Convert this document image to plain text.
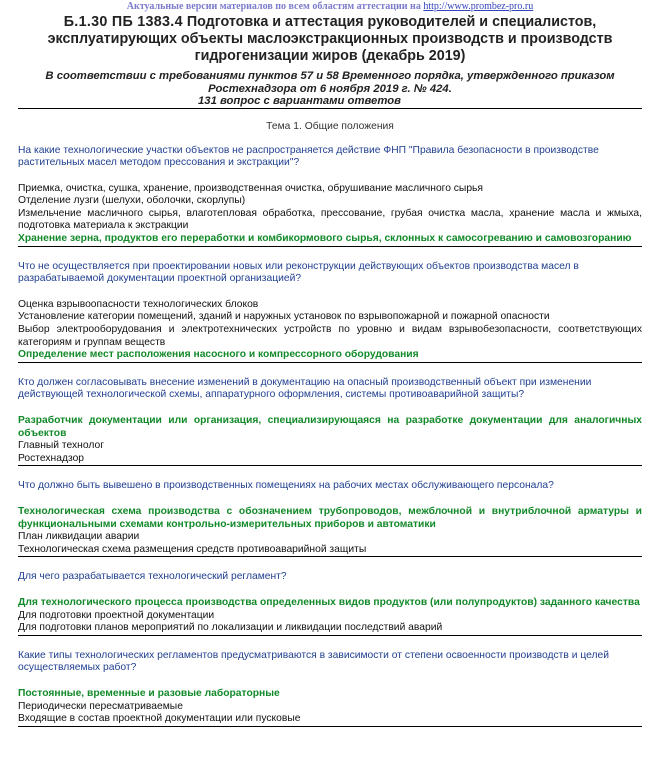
Актуальные версии материалов по всем областям аттестации на http://www.prombez-pro.ru
Б.1.30 ПБ 1383.4 Подготовка и аттестация руководителей и специалистов, эксплуатирующих объекты маслоэкстракционных производств и производств гидрогенизации жиров (декабрь 2019)
В соответствии с требованиями пунктов 57 и 58 Временного порядка, утвержденного приказом Ростехнадзора от 6 ноября 2019 г. № 424.
131 вопрос с вариантами ответов
Тема 1. Общие положения
На какие технологические участки объектов не распространяется действие ФНП "Правила безопасности в производстве растительных масел методом прессования и экстракции"?
Приемка, очистка, сушка, хранение, производственная очистка, обрушивание масличного сырья
Отделение лузги (шелухи, оболочки, скорлупы)
Измельчение масличного сырья, влаготепловая обработка, прессование, грубая очистка масла, хранение масла и жмыха, подготовка материала к экстракции
Хранение зерна, продуктов его переработки и комбикормового сырья, склонных к самосогреванию и самовозгоранию
Что не осуществляется при проектировании новых или реконструкции действующих объектов производства масел в разрабатываемой документации проектной организацией?
Оценка взрывоопасности технологических блоков
Установление категории помещений, зданий и наружных установок по взрывопожарной и пожарной опасности
Выбор электрооборудования и электротехнических устройств по уровню и видам взрывобезопасности, соответствующих категориям и группам веществ
Определение мест расположения насосного и компрессорного оборудования
Кто должен согласовывать внесение изменений в документацию на опасный производственный объект при изменении действующей технологической схемы, аппаратурного оформления, системы противоаварийной защиты?
Разработчик документации или организация, специализирующаяся на разработке документации для аналогичных объектов
Главный технолог
Ростехнадзор
Что должно быть вывешено в производственных помещениях на рабочих местах обслуживающего персонала?
Технологическая схема производства с обозначением трубопроводов, межблочной и внутриблочной арматуры и функциональными схемами контрольно-измерительных приборов и автоматики
План ликвидации аварии
Технологическая схема размещения средств противоаварийной защиты
Для чего разрабатывается технологический регламент?
Для технологического процесса производства определенных видов продуктов (или полупродуктов) заданного качества
Для подготовки проектной документации
Для подготовки планов мероприятий по локализации и ликвидации последствий аварий
Какие типы технологических регламентов предусматриваются в зависимости от степени освоенности производств и целей осуществляемых работ?
Постоянные, временные и разовые лабораторные
Периодически пересматриваемые
Входящие в состав проектной документации или пусковые
